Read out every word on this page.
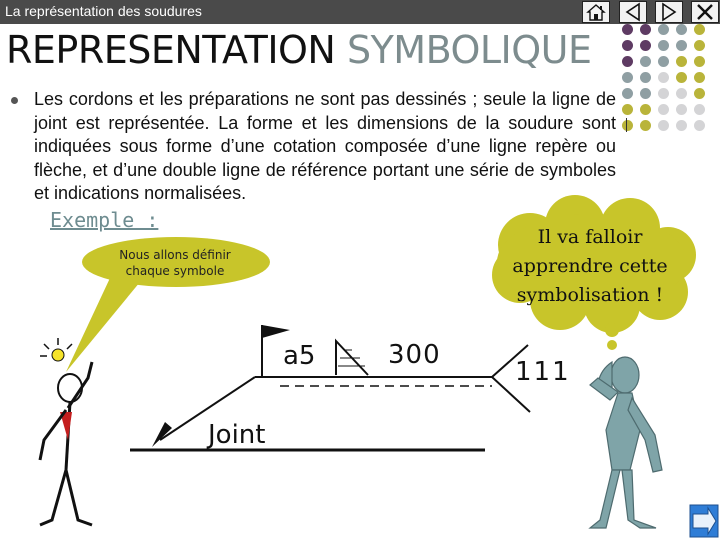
La représentation des soudures
REPRESENTATION SYMBOLIQUE
Les cordons et les préparations ne sont pas dessinés ; seule la ligne de joint est représentée. La forme et les dimensions de la soudure sont indiquées sous forme d’une cotation composée d’une ligne repère ou flèche, et d’une double ligne de référence portant une série de symboles et indications normalisées.
Exemple :
Nous allons définir chaque symbole
Il va falloir apprendre cette symbolisation !
a5	300
111
Joint
